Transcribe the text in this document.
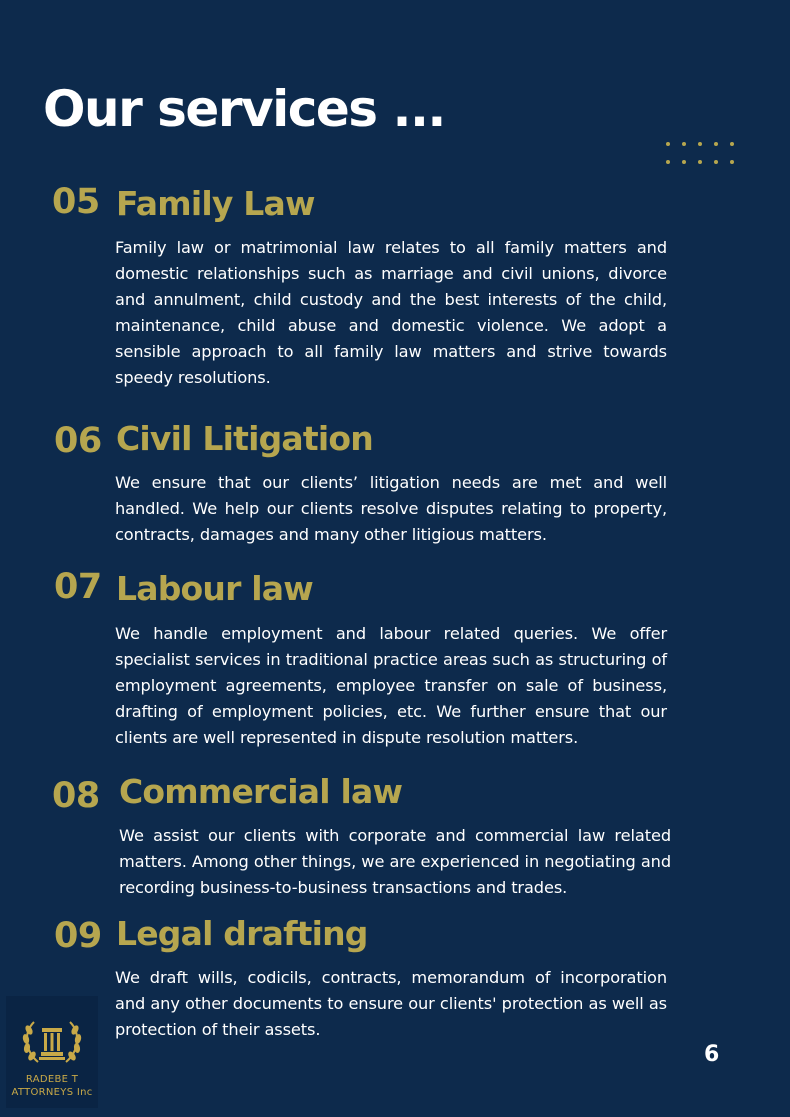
Our services ...
05 Family Law

Family law or matrimonial law relates to all family matters and domestic relationships such as marriage and civil unions, divorce and annulment, child custody and the best interests of the child, maintenance, child abuse and domestic violence. We adopt a sensible approach to all family law matters and strive towards speedy resolutions.

06 Civil Litigation

We ensure that our clients’ litigation needs are met and well handled. We help our clients resolve disputes relating to property, contracts, damages and many other litigious matters.

07 Labour law

We handle employment and labour related queries. We offer specialist services in traditional practice areas such as structuring of employment agreements, employee transfer on sale of business, drafting of employment policies, etc. We further ensure that our clients are well represented in dispute resolution matters.

08 Commercial law

We assist our clients with corporate and commercial law related matters. Among other things, we are experienced in negotiating and recording business-to-business transactions and trades.

09 Legal drafting

We draft wills, codicils, contracts, memorandum of incorporation and any other documents to ensure our clients' protection as well as protection of their assets.

RADEBE T
ATTORNEYS Inc
6
